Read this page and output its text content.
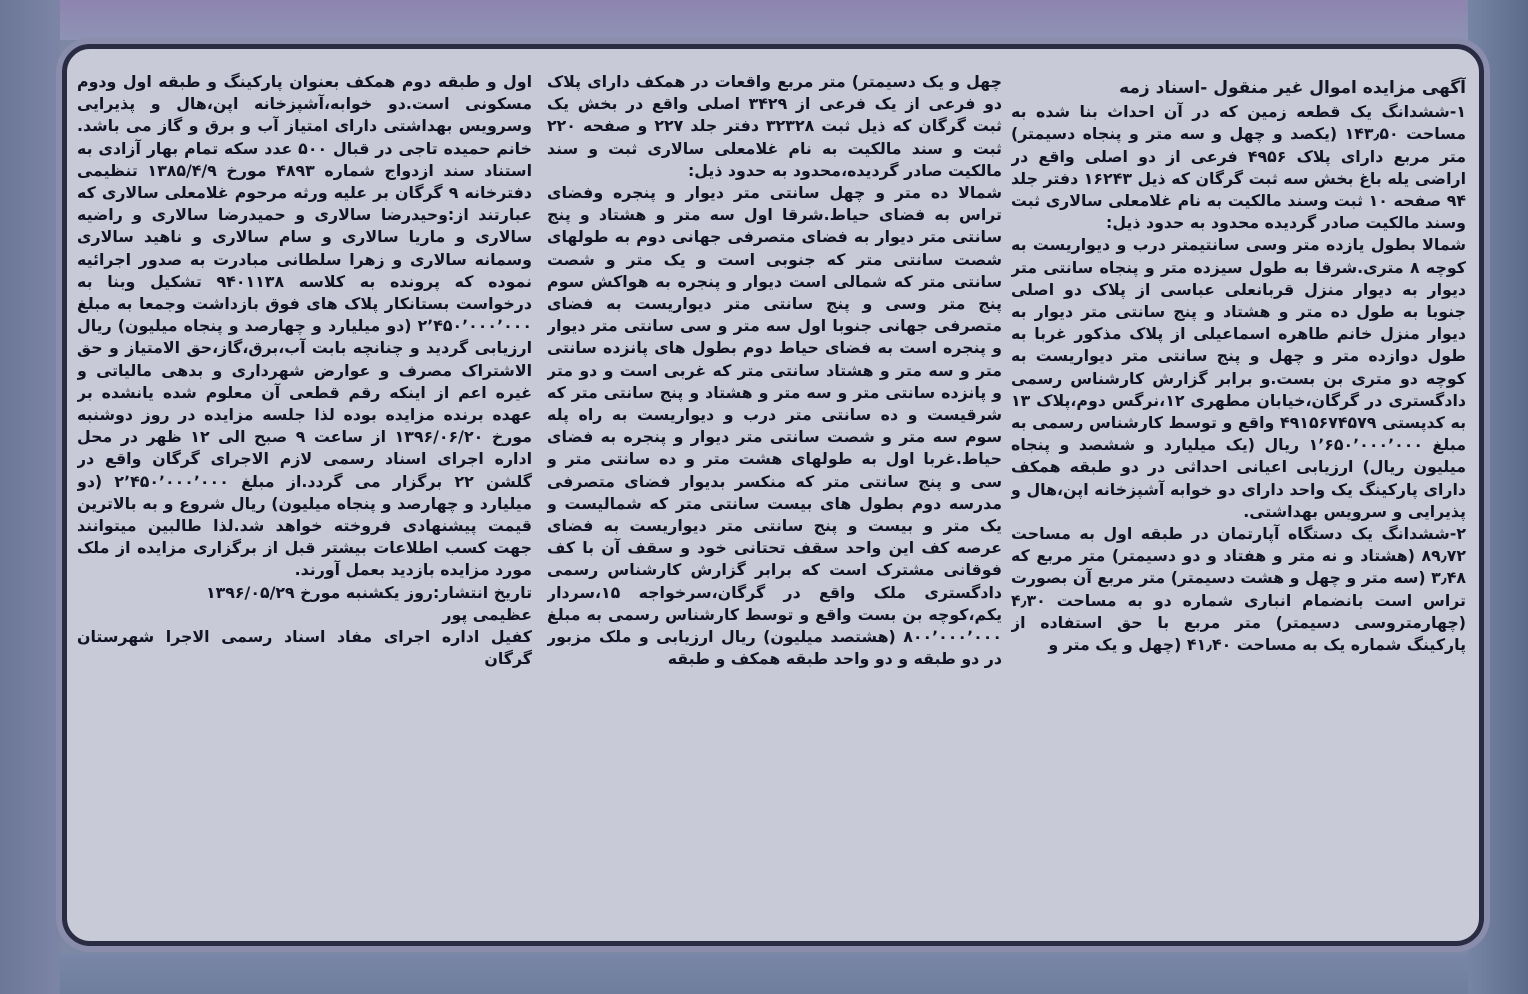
آگهی مزایده اموال غیر منقول -اسناد زمه
۱-ششدانگ یک قطعه زمین که در آن احداث بنا شده به مساحت ۱۴۳٫۵۰ (یکصد و چهل و سه متر و پنجاه دسیمتر) متر مربع دارای پلاک ۴۹۵۶ فرعی از دو اصلی واقع در اراضی یله باغ بخش سه ثبت گرگان که ذیل ۱۶۲۴۳ دفتر جلد ۹۴ صفحه ۱۰ ثبت وسند مالکیت به نام غلامعلی سالاری ثبت وسند مالکیت صادر گردیده محدود به حدود ذیل:
شمالا بطول یازده متر وسی سانتیمتر درب و دیواریست به کوچه ۸ متری.شرقا به طول سیزده متر و پنجاه سانتی متر دیوار به دیوار منزل قربانعلی عباسی از پلاک دو اصلی جنوبا به طول ده متر و هشتاد و پنج سانتی متر دیوار به دیوار منزل خانم طاهره اسماعیلی از پلاک مذکور غربا به طول دوازده متر و چهل و پنج سانتی متر دیواریست به کوچه دو متری بن بست.و برابر گزارش کارشناس رسمی دادگستری در گرگان،خیابان مطهری ۱۲،نرگس دوم،پلاک ۱۳ به کدپستی ۴۹۱۵۶۷۴۵۷۹ واقع و توسط کارشناس رسمی به مبلغ ۱٬۶۵۰٬۰۰۰٬۰۰۰ ریال (یک میلیارد و ششصد و پنجاه میلیون ریال) ارزیابی اعیانی احداثی در دو طبقه همکف دارای پارکینگ یک واحد دارای دو خوابه آشپزخانه اپن،هال و پذیرایی و سرویس بهداشتی.
۲-ششدانگ یک دستگاه آپارتمان در طبقه اول به مساحت ۸۹٫۷۲ (هشتاد و نه متر و هفتاد و دو دسیمتر) متر مربع که ۳٫۴۸ (سه متر و چهل و هشت دسیمتر) متر مربع آن بصورت تراس است بانضمام انباری شماره دو به مساحت ۴٫۳۰ (چهارمتروسی دسیمتر) متر مربع با حق استفاده از پارکینگ شماره یک به مساحت ۴۱٫۴۰ (چهل و یک متر و
چهل و یک دسیمتر) متر مربع واقعات در همکف دارای پلاک دو فرعی از یک فرعی از ۳۴۲۹ اصلی واقع در بخش یک ثبت گرگان که ذیل ثبت ۳۲۳۲۸ دفتر جلد ۲۲۷ و صفحه ۲۲۰ ثبت و سند مالکیت به نام غلامعلی سالاری ثبت و سند مالکیت صادر گردیده،محدود به حدود ذیل:
شمالا ده متر و چهل سانتی متر دیوار و پنجره وفضای تراس به فضای حیاط.شرقا اول سه متر و هشتاد و پنج سانتی متر دیوار به فضای متصرفی جهانی دوم به طولهای شصت سانتی متر که جنوبی است و یک متر و شصت سانتی متر که شمالی است دیوار و پنجره به هواکش سوم پنج متر وسی و پنج سانتی متر دیواریست به فضای متصرفی جهانی جنوبا اول سه متر و سی سانتی متر دیوار و پنجره است به فضای حیاط دوم بطول های پانزده سانتی متر و سه متر و هشتاد سانتی متر که غربی است و دو متر و پانزده سانتی متر و سه متر و هشتاد و پنج سانتی متر که شرقیست و ده سانتی متر درب و دیواریست به راه پله سوم سه متر و شصت سانتی متر دیوار و پنجره به فضای حیاط.غربا اول به طولهای هشت متر و ده سانتی متر و سی و پنج سانتی متر که منکسر بدیوار فضای متصرفی مدرسه دوم بطول های بیست سانتی متر که شمالیست و یک متر و بیست و پنج سانتی متر دیواریست به فضای عرصه کف این واحد سقف تحتانی خود و سقف آن با کف فوقانی مشترک است که برابر گزارش کارشناس رسمی دادگستری ملک واقع در گرگان،سرخواجه ۱۵،سردار یکم،کوچه بن بست واقع و توسط کارشناس رسمی به مبلغ ۸۰۰٬۰۰۰٬۰۰۰ (هشتصد میلیون) ریال ارزیابی و ملک مزبور در دو طبقه و دو واحد طبقه همکف و طبقه
اول و طبقه دوم همکف بعنوان پارکینگ و طبقه اول ودوم مسکونی است.دو خوابه،آشپزخانه اپن،هال و پذیرایی وسرویس بهداشتی دارای امتیاز آب و برق و گاز می باشد. خانم حمیده تاجی در قبال ۵۰۰ عدد سکه تمام بهار آزادی به استناد سند ازدواج شماره ۴۸۹۳ مورخ ۱۳۸۵/۴/۹ تنظیمی دفترخانه ۹ گرگان بر علیه ورثه مرحوم غلامعلی سالاری که عبارتند از:وحیدرضا سالاری و حمیدرضا سالاری و راضیه سالاری و ماریا سالاری و سام سالاری و ناهید سالاری وسمانه سالاری و زهرا سلطانی مبادرت به صدور اجرائیه نموده که پرونده به کلاسه ۹۴۰۱۱۳۸ تشکیل وبنا به درخواست بستانکار پلاک های فوق بازداشت وجمعا به مبلغ ۲٬۴۵۰٬۰۰۰٬۰۰۰ (دو میلیارد و چهارصد و پنجاه میلیون) ریال ارزیابی گردید و چنانچه بابت آب،برق،گاز،حق الامتیاز و حق الاشتراک مصرف و عوارض شهرداری و بدهی مالیاتی و غیره اعم از اینکه رقم قطعی آن معلوم شده یانشده بر عهده برنده مزایده بوده لذا جلسه مزایده در روز دوشنبه مورخ ۱۳۹۶/۰۶/۲۰ از ساعت ۹ صبح الی ۱۲ ظهر در محل اداره اجرای اسناد رسمی لازم الاجرای گرگان واقع در گلشن ۲۲ برگزار می گردد.از مبلغ ۲٬۴۵۰٬۰۰۰٬۰۰۰ (دو میلیارد و چهارصد و پنجاه میلیون) ریال شروع و به بالاترین قیمت پیشنهادی فروخته خواهد شد.لذا طالبین میتوانند جهت کسب اطلاعات بیشتر قبل از برگزاری مزایده از ملک مورد مزایده بازدید بعمل آورند.
تاریخ انتشار:روز یکشنبه مورخ ۱۳۹۶/۰۵/۲۹
عظیمی پور
کفیل اداره اجرای مفاد اسناد رسمی الاجرا شهرستان گرگان
